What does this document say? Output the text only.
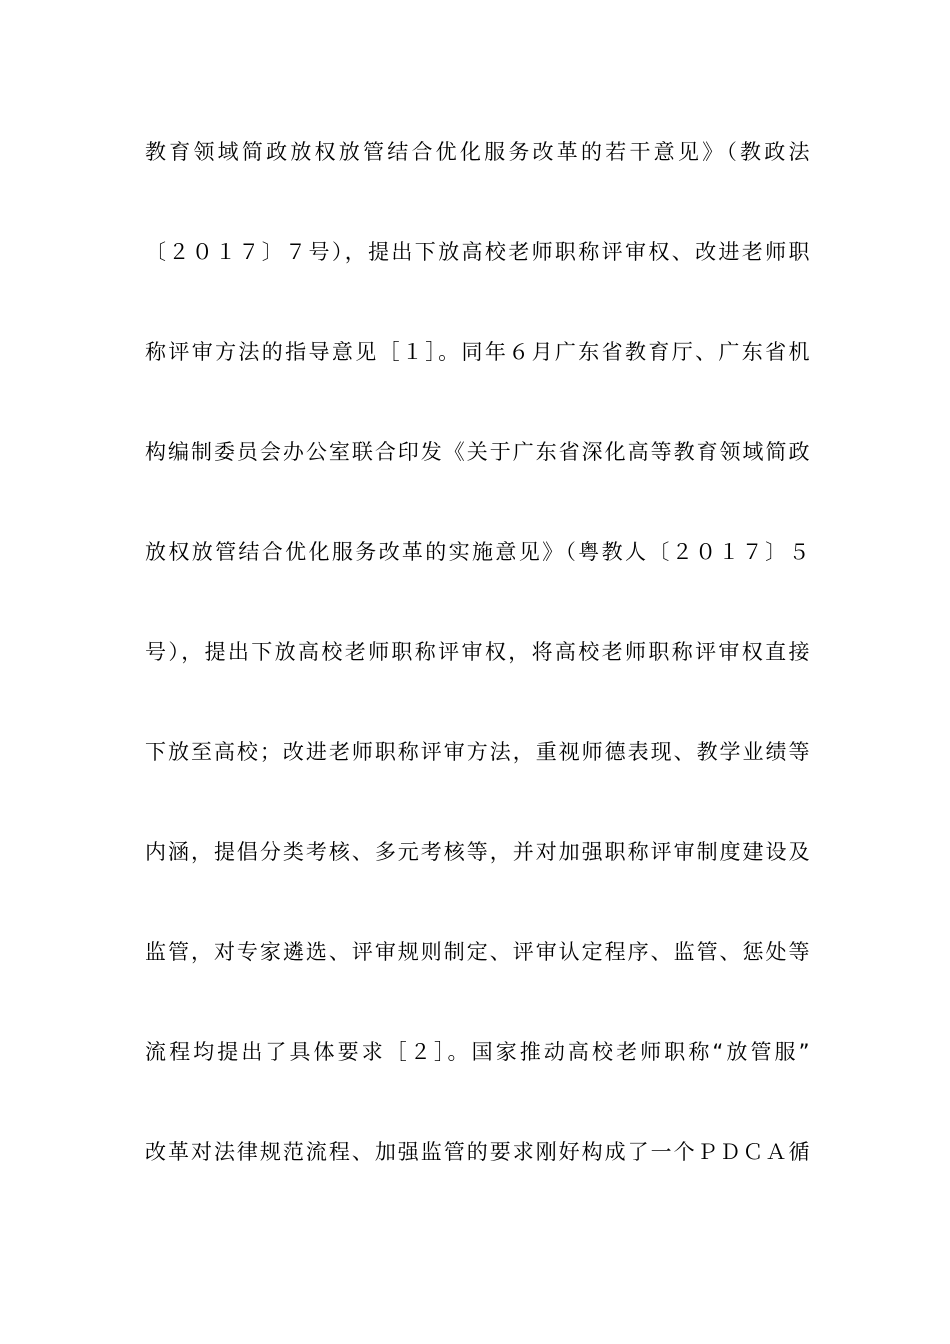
教育领域简政放权放管结合优化服务改革的若干意见》（教政法
〔２０１７〕７号），提出下放高校老师职称评审权、改进老师职
称评审方法的指导意见［１］。同年６月广东省教育厅、广东省机
构编制委员会办公室联合印发《关于广东省深化高等教育领域简政
放权放管结合优化服务改革的实施意见》（粤教人〔２０１７〕５
号），提出下放高校老师职称评审权，将高校老师职称评审权直接
下放至高校；改进老师职称评审方法，重视师德表现、教学业绩等
内涵，提倡分类考核、多元考核等，并对加强职称评审制度建设及
监管，对专家遴选、评审规则制定、评审认定程序、监管、惩处等
流程均提出了具体要求［２］。国家推动高校老师职称“放管服”
改革对法律规范流程、加强监管的要求刚好构成了一个ＰＤＣＡ循
